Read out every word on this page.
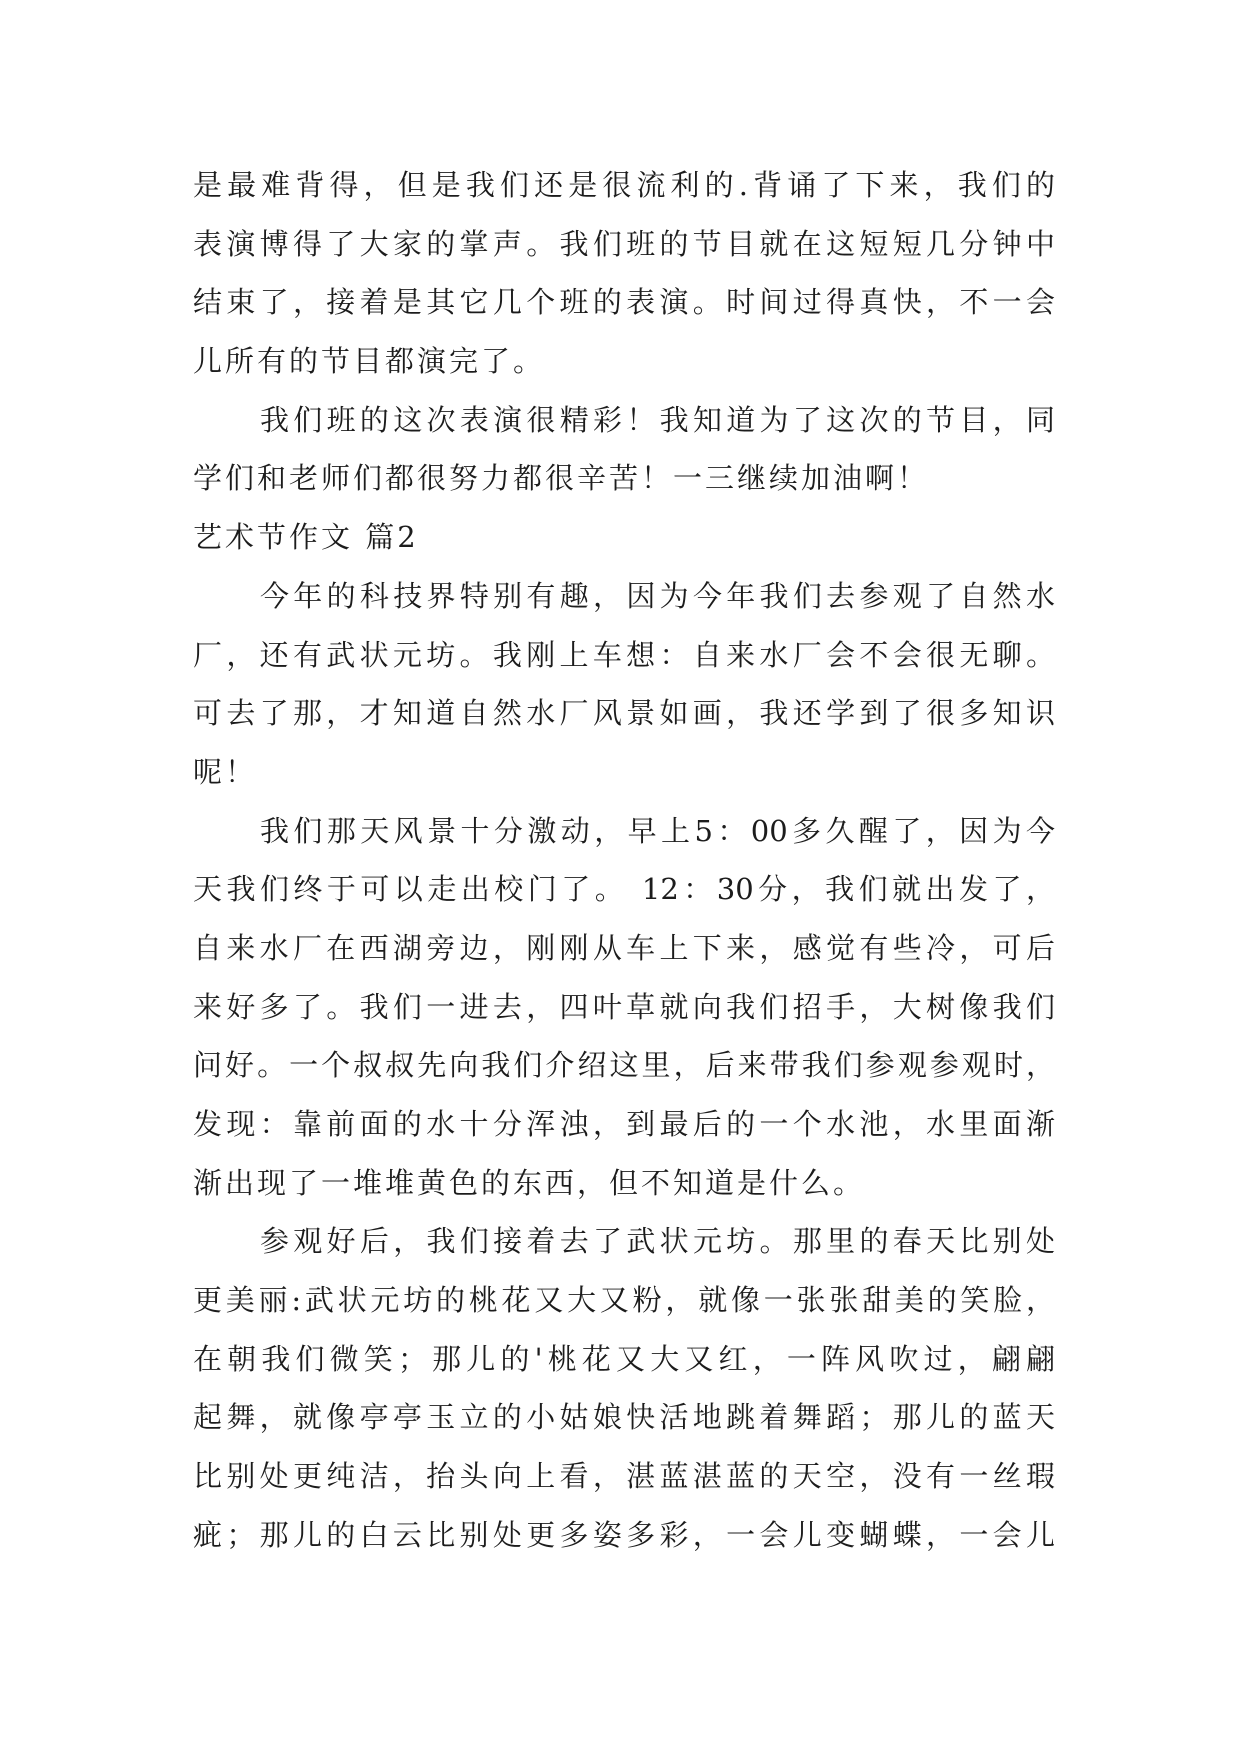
是最难背得，但是我们还是很流利的.背诵了下来，我们的
表演博得了大家的掌声。我们班的节目就在这短短几分钟中
结束了，接着是其它几个班的表演。时间过得真快，不一会
儿所有的节目都演完了。
我们班的这次表演很精彩！我知道为了这次的节目，同
学们和老师们都很努力都很辛苦！一三继续加油啊！
艺术节作文 篇2
今年的科技界特别有趣，因为今年我们去参观了自然水
厂，还有武状元坊。我刚上车想：自来水厂会不会很无聊。
可去了那，才知道自然水厂风景如画，我还学到了很多知识
呢！
我们那天风景十分激动，早上5：00多久醒了，因为今
天我们终于可以走出校门了。 12：30分，我们就出发了，
自来水厂在西湖旁边，刚刚从车上下来，感觉有些冷，可后
来好多了。我们一进去，四叶草就向我们招手，大树像我们
问好。一个叔叔先向我们介绍这里，后来带我们参观参观时，
发现：靠前面的水十分浑浊，到最后的一个水池，水里面渐
渐出现了一堆堆黄色的东西，但不知道是什么。
参观好后，我们接着去了武状元坊。那里的春天比别处
更美丽:武状元坊的桃花又大又粉，就像一张张甜美的笑脸，
在朝我们微笑；那儿的'桃花又大又红，一阵风吹过，翩翩
起舞，就像亭亭玉立的小姑娘快活地跳着舞蹈；那儿的蓝天
比别处更纯洁，抬头向上看，湛蓝湛蓝的天空，没有一丝瑕
疵；那儿的白云比别处更多姿多彩，一会儿变蝴蝶，一会儿
